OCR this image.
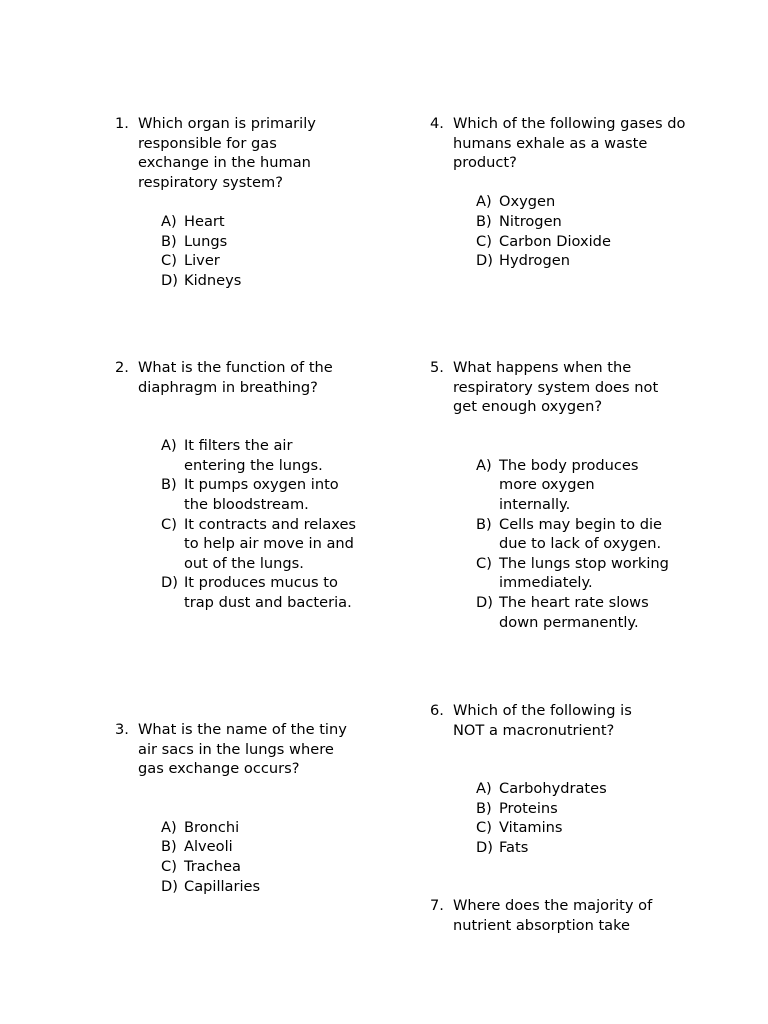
1. Which organ is primarily responsible for gas exchange in the human respiratory system?
A) Heart
B) Lungs
C) Liver
D) Kidneys
2. What is the function of the diaphragm in breathing?
A) It filters the air entering the lungs.
B) It pumps oxygen into the bloodstream.
C) It contracts and relaxes to help air move in and out of the lungs.
D) It produces mucus to trap dust and bacteria.
3. What is the name of the tiny air sacs in the lungs where gas exchange occurs?
A) Bronchi
B) Alveoli
C) Trachea
D) Capillaries
4. Which of the following gases do humans exhale as a waste product?
A) Oxygen
B) Nitrogen
C) Carbon Dioxide
D) Hydrogen
5. What happens when the respiratory system does not get enough oxygen?
A) The body produces more oxygen internally.
B) Cells may begin to die due to lack of oxygen.
C) The lungs stop working immediately.
D) The heart rate slows down permanently.
6. Which of the following is NOT a macronutrient?
A) Carbohydrates
B) Proteins
C) Vitamins
D) Fats
7. Where does the majority of nutrient absorption take
